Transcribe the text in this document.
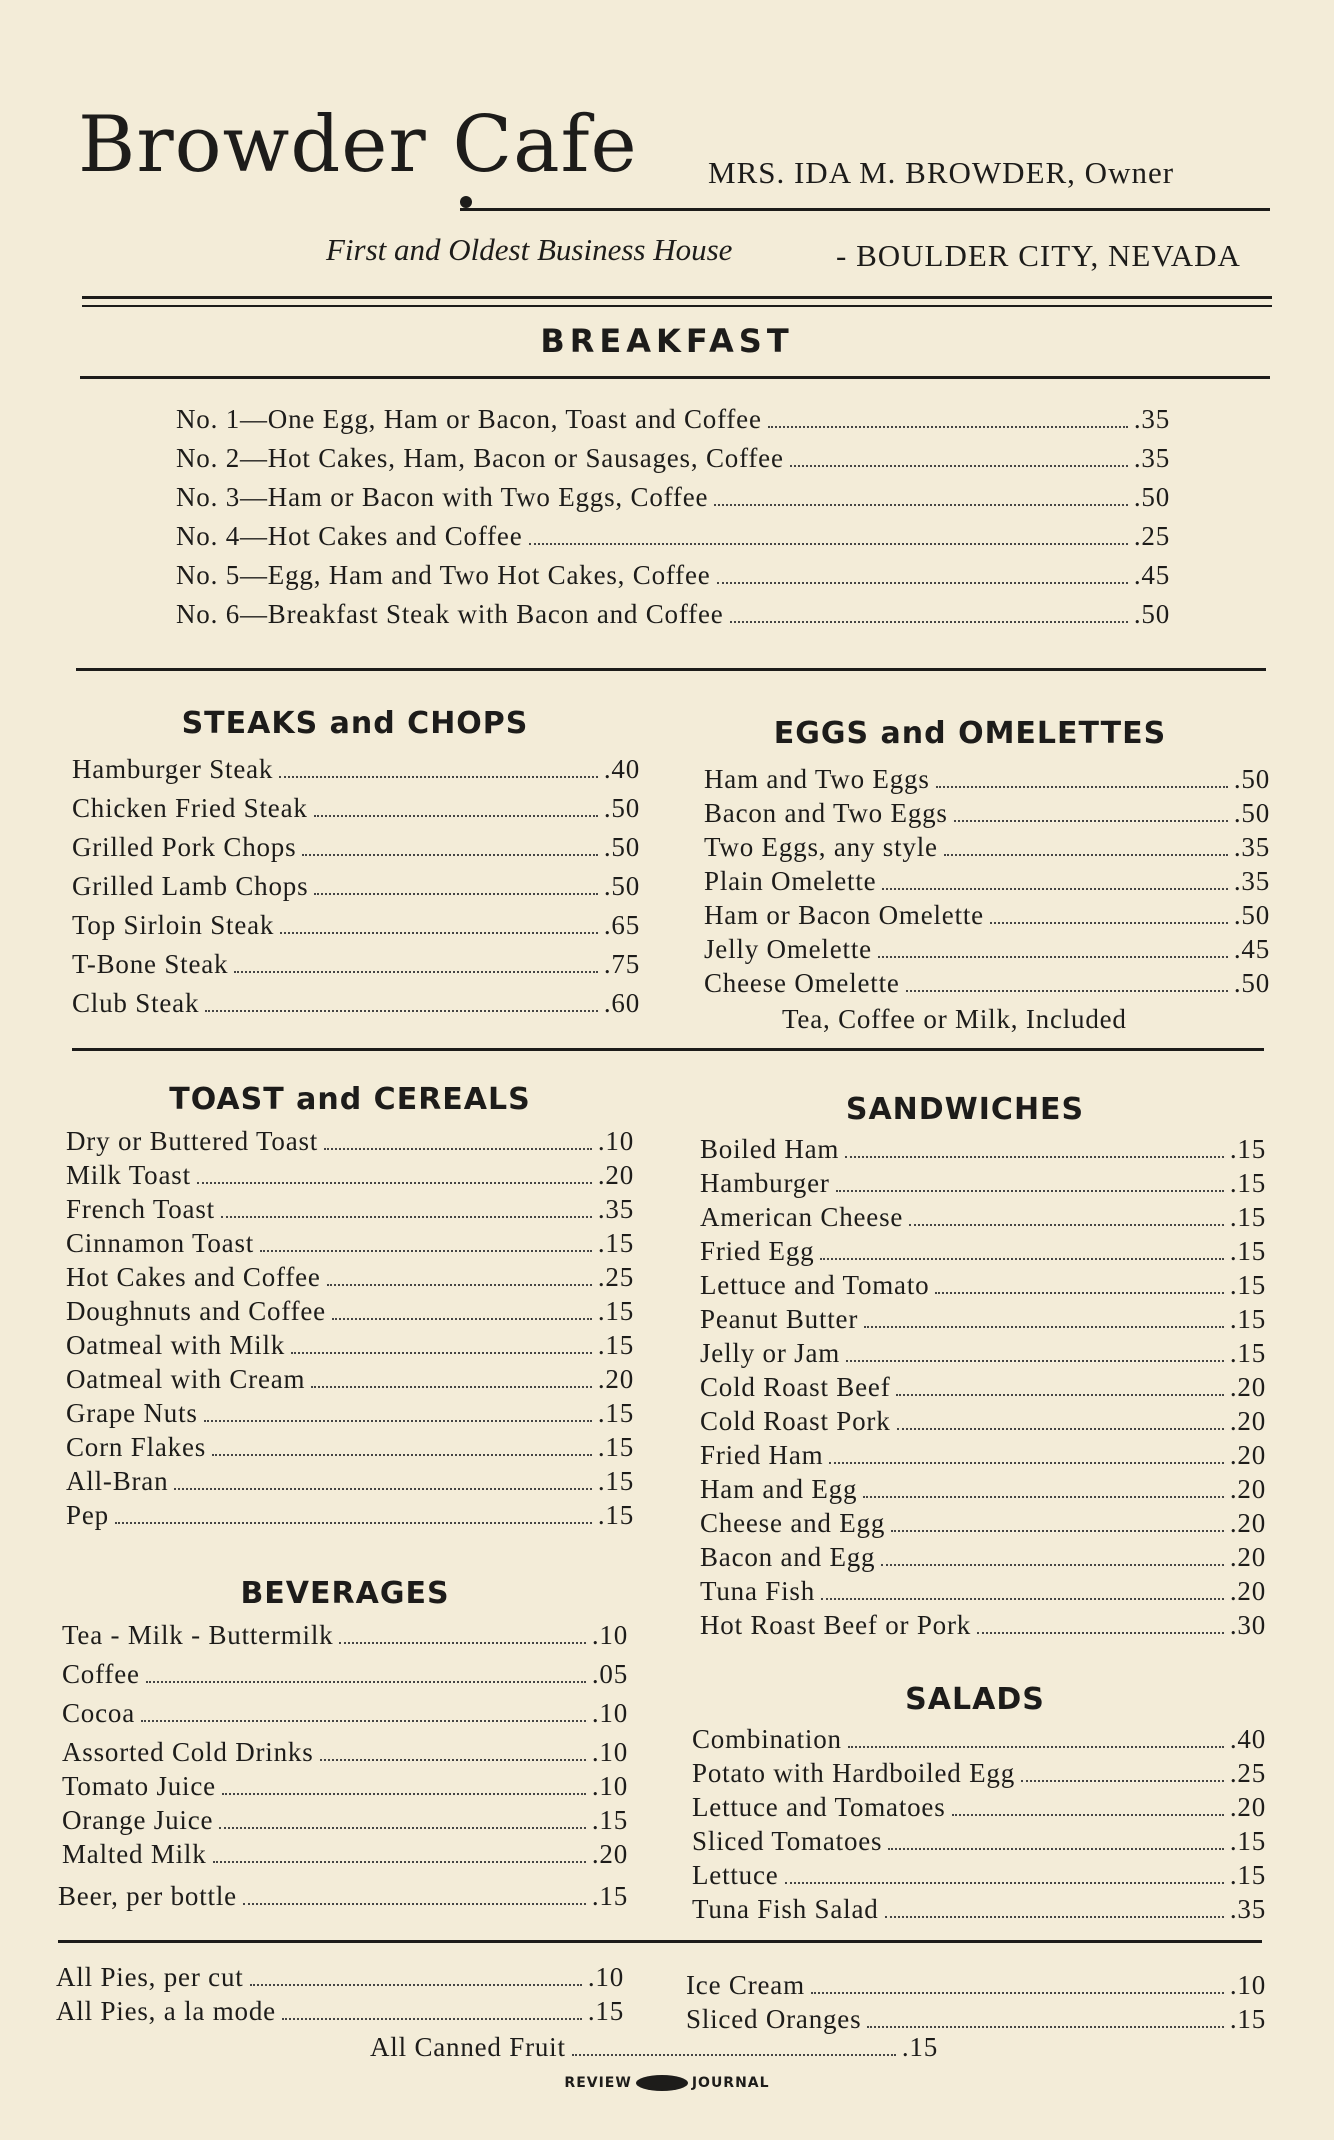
Browder Cafe MRS. IDA M. BROWDER, Owner
First and Oldest Business House	- BOULDER CITY, NEVADA
BREAKFAST
No. 1—One Egg, Ham or Bacon, Toast and Coffee	.35
No. 2—Hot Cakes, Ham, Bacon or Sausages, Coffee	.35
No. 3—Ham or Bacon with Two Eggs, Coffee	.50
No. 4—Hot Cakes and Coffee	.25
No. 5—Egg, Ham and Two Hot Cakes, Coffee	.45
No. 6—Breakfast Steak with Bacon and Coffee	.50
STEAKS and CHOPS
Hamburger Steak	.40
Chicken Fried Steak	.50
Grilled Pork Chops	.50
Grilled Lamb Chops	.50
Top Sirloin Steak	.65
T-Bone Steak	.75
Club Steak	.60
EGGS and OMELETTES
Ham and Two Eggs	.50
Bacon and Two Eggs	.50
Two Eggs, any style	.35
Plain Omelette	.35
Ham or Bacon Omelette	.50
Jelly Omelette	.45
Cheese Omelette	.50
Tea, Coffee or Milk, Included
TOAST and CEREALS
Dry or Buttered Toast	.10
Milk Toast	.20
French Toast	.35
Cinnamon Toast	.15
Hot Cakes and Coffee	.25
Doughnuts and Coffee	.15
Oatmeal with Milk	.15
Oatmeal with Cream	.20
Grape Nuts	.15
Corn Flakes	.15
All-Bran	.15
Pep	.15
BEVERAGES
Tea - Milk - Buttermilk	.10
Coffee	.05
Cocoa	.10
Assorted Cold Drinks	.10
Tomato Juice	.10
Orange Juice	.15
Malted Milk	.20
Beer, per bottle	.15
SANDWICHES
Boiled Ham	.15
Hamburger	.15
American Cheese	.15
Fried Egg	.15
Lettuce and Tomato	.15
Peanut Butter	.15
Jelly or Jam	.15
Cold Roast Beef	.20
Cold Roast Pork	.20
Fried Ham	.20
Ham and Egg	.20
Cheese and Egg	.20
Bacon and Egg	.20
Tuna Fish	.20
Hot Roast Beef or Pork	.30
SALADS
Combination	.40
Potato with Hardboiled Egg	.25
Lettuce and Tomatoes	.20
Sliced Tomatoes	.15
Lettuce	.15
Tuna Fish Salad	.35
All Pies, per cut	.10
All Pies, a la mode	.15
Ice Cream	.10
Sliced Oranges	.15
All Canned Fruit	.15
REVIEW	JOURNAL
